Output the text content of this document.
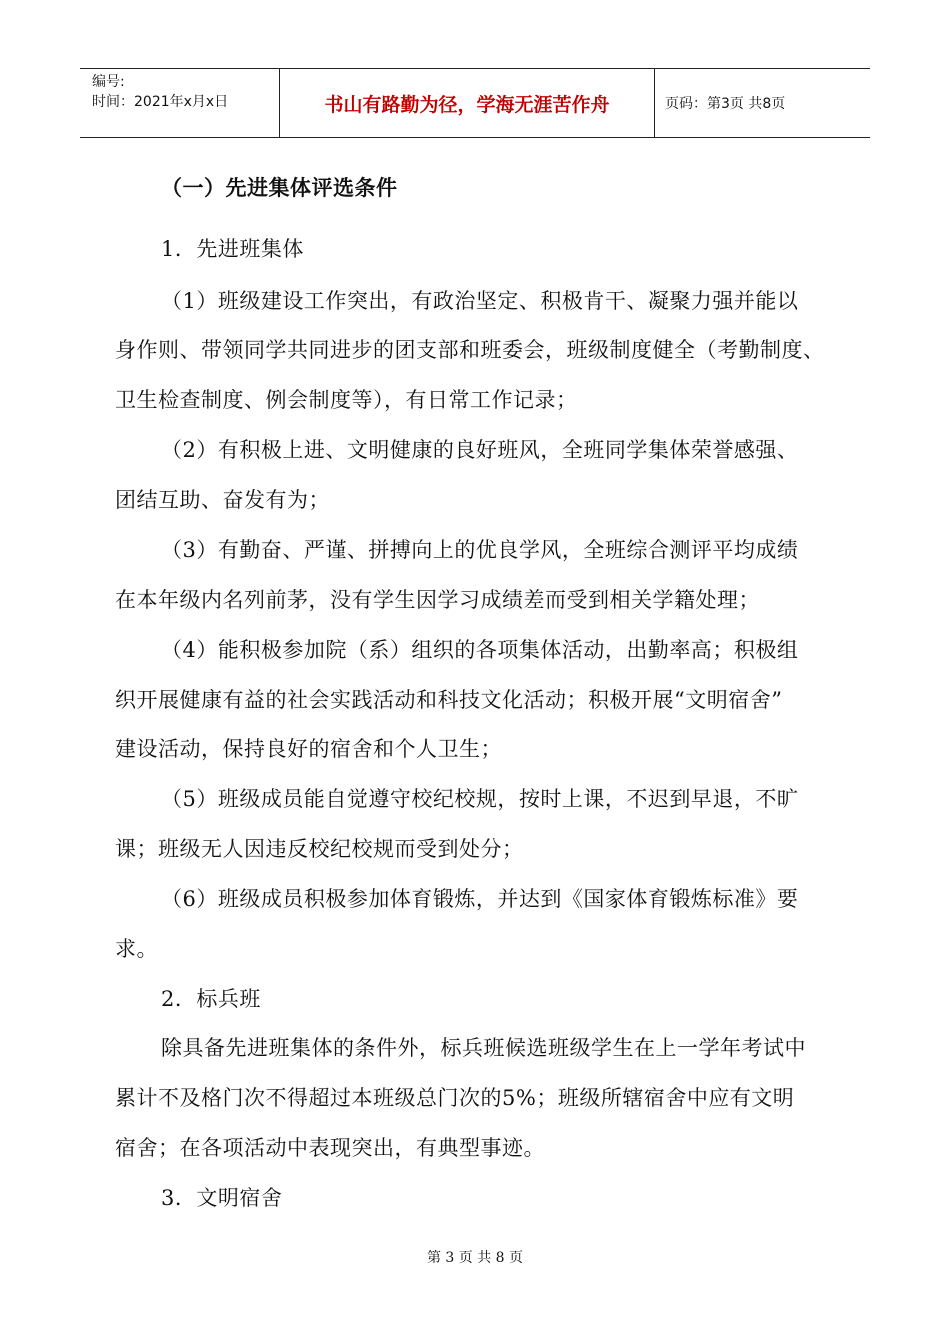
编号:
时间：2021年x月x日	书山有路勤为径，学海无涯苦作舟	页码：第3页 共8页
（一）先进集体评选条件
1．先进班集体
（1）班级建设工作突出，有政治坚定、积极肯干、凝聚力强并能以
身作则、带领同学共同进步的团支部和班委会，班级制度健全（考勤制度、
卫生检查制度、例会制度等），有日常工作记录；
（2）有积极上进、文明健康的良好班风，全班同学集体荣誉感强、
团结互助、奋发有为；
（3）有勤奋、严谨、拼搏向上的优良学风，全班综合测评平均成绩
在本年级内名列前茅，没有学生因学习成绩差而受到相关学籍处理；
（4）能积极参加院（系）组织的各项集体活动，出勤率高；积极组
织开展健康有益的社会实践活动和科技文化活动；积极开展“文明宿舍”
建设活动，保持良好的宿舍和个人卫生；
（5）班级成员能自觉遵守校纪校规，按时上课，不迟到早退，不旷
课；班级无人因违反校纪校规而受到处分；
（6）班级成员积极参加体育锻炼，并达到《国家体育锻炼标准》要
求。
2．标兵班
除具备先进班集体的条件外，标兵班候选班级学生在上一学年考试中
累计不及格门次不得超过本班级总门次的5%；班级所辖宿舍中应有文明
宿舍；在各项活动中表现突出，有典型事迹。
3．文明宿舍
第 3 页 共 8 页
